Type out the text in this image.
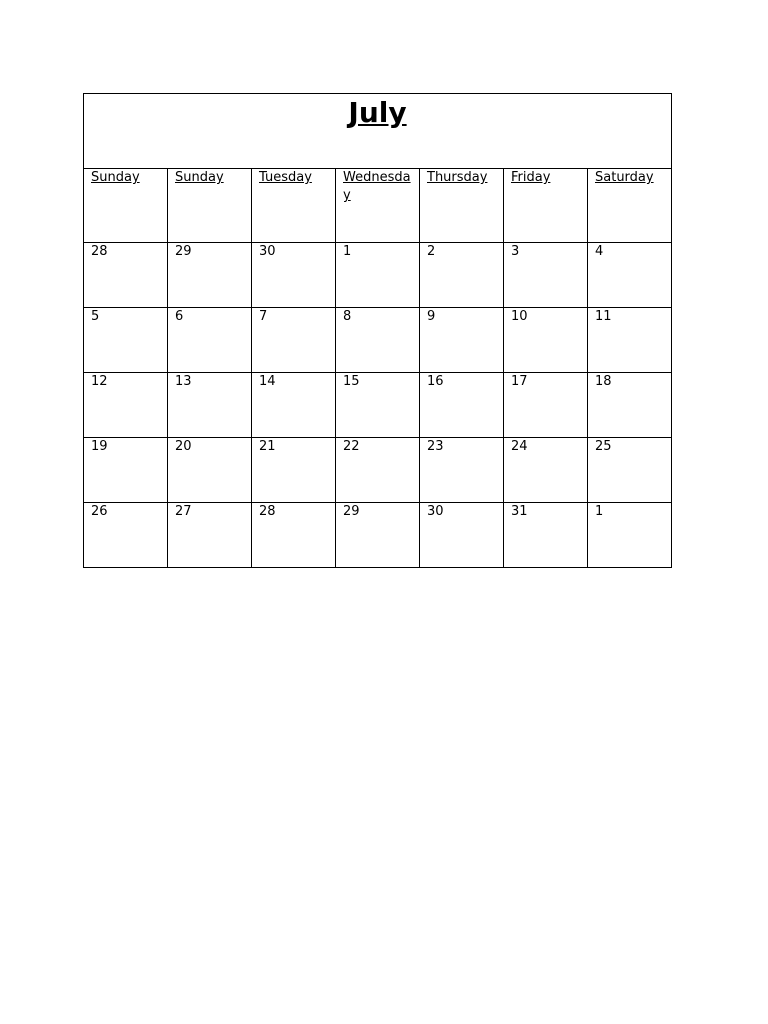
July						

Sunday	Sunday	Tuesday	Wednesday	Thursday	Friday	Saturday

28	29	30	1	2	3	4

5	6	7	8	9	10	11

12	13	14	15	16	17	18

19	20	21	22	23	24	25

26	27	28	29	30	31	1
